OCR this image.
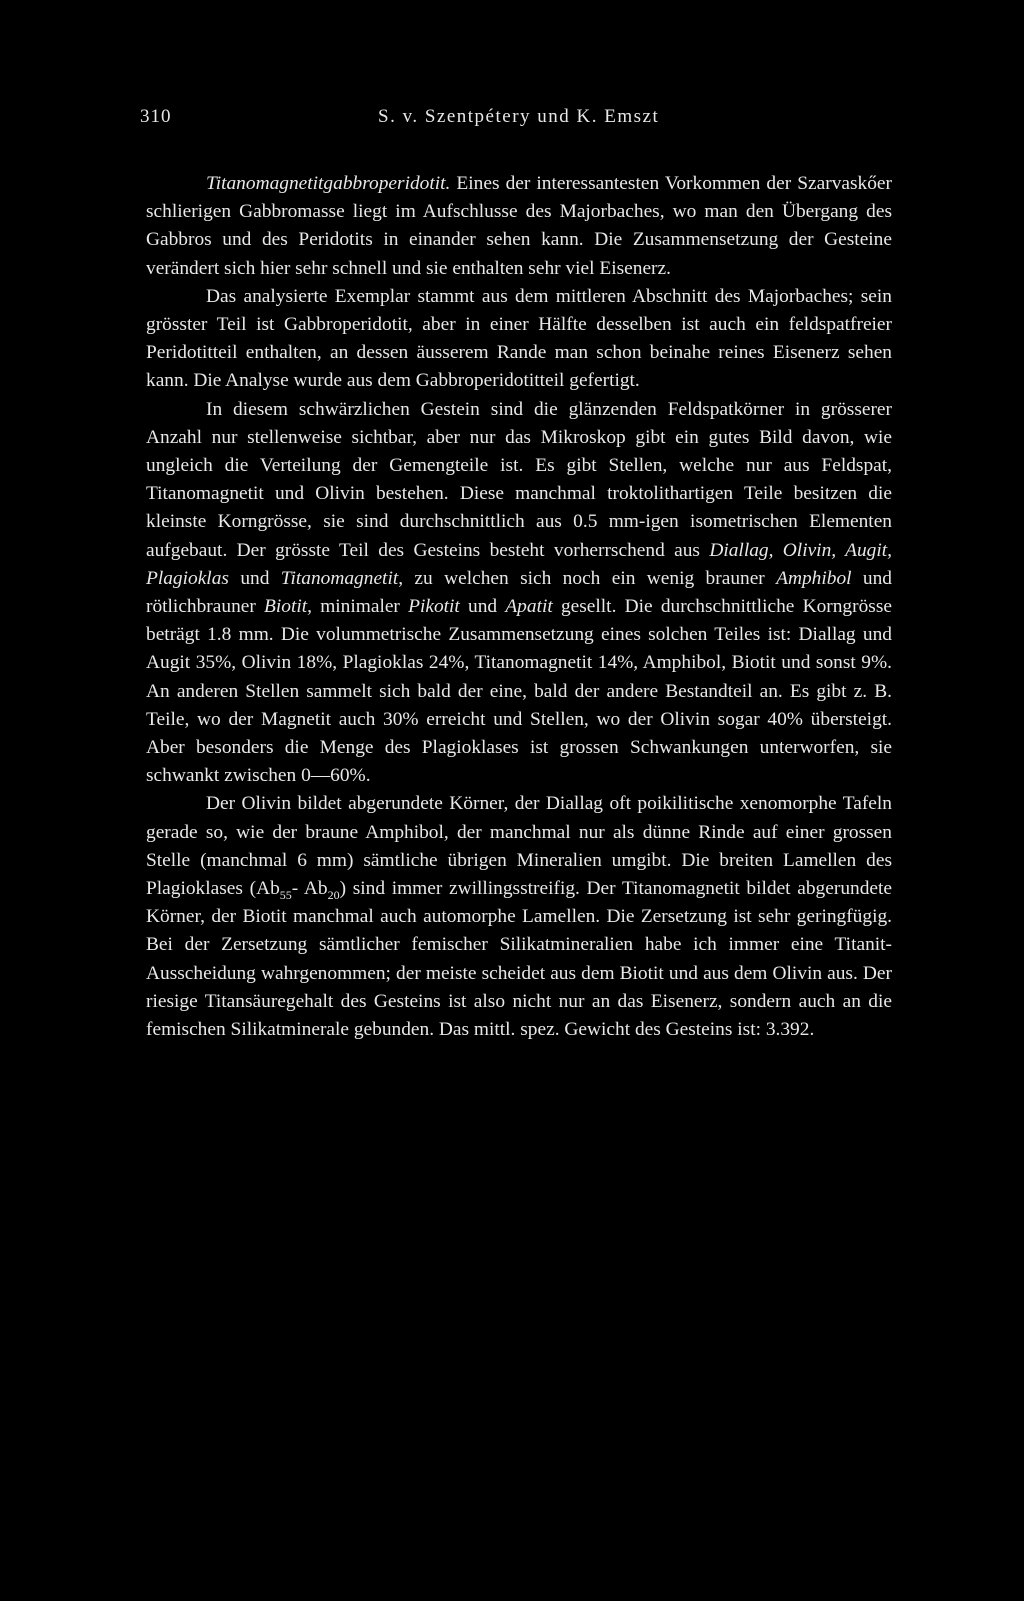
310	S. v. Szentpétery und K. Emszt

Titanomagnetitgabbroperidotit. Eines der interessantesten Vorkommen der Szarvaskőer schlierigen Gabbromasse liegt im Aufschlusse des Majorbaches, wo man den Übergang des Gabbros und des Peridotits in einander sehen kann. Die Zusammensetzung der Gesteine verändert sich hier sehr schnell und sie enthalten sehr viel Eisenerz.

Das analysierte Exemplar stammt aus dem mittleren Abschnitt des Majorbaches; sein grösster Teil ist Gabbroperidotit, aber in einer Hälfte desselben ist auch ein feldspatfreier Peridotitteil enthalten, an dessen äusserem Rande man schon beinahe reines Eisenerz sehen kann. Die Analyse wurde aus dem Gabbroperidotitteil gefertigt.

In diesem schwärzlichen Gestein sind die glänzenden Feldspatkörner in grösserer Anzahl nur stellenweise sichtbar, aber nur das Mikroskop gibt ein gutes Bild davon, wie ungleich die Verteilung der Gemengteile ist. Es gibt Stellen, welche nur aus Feldspat, Titanomagnetit und Olivin bestehen. Diese manchmal troktolithartigen Teile besitzen die kleinste Korngrösse, sie sind durchschnittlich aus 0.5 mm-igen isometrischen Elementen aufgebaut. Der grösste Teil des Gesteins besteht vorherrschend aus Diallag, Olivin, Augit, Plagioklas und Titanomagnetit, zu welchen sich noch ein wenig brauner Amphibol und rötlichbrauner Biotit, minimaler Pikotit und Apatit gesellt. Die durchschnittliche Korngrösse beträgt 1.8 mm. Die volummetrische Zusammensetzung eines solchen Teiles ist: Diallag und Augit 35%, Olivin 18%, Plagioklas 24%, Titanomagnetit 14%, Amphibol, Biotit und sonst 9%. An anderen Stellen sammelt sich bald der eine, bald der andere Bestandteil an. Es gibt z. B. Teile, wo der Magnetit auch 30% erreicht und Stellen, wo der Olivin sogar 40% übersteigt. Aber besonders die Menge des Plagioklases ist grossen Schwankungen unterworfen, sie schwankt zwischen 0—60%.

Der Olivin bildet abgerundete Körner, der Diallag oft poikilitische xenomorphe Tafeln gerade so, wie der braune Amphibol, der manchmal nur als dünne Rinde auf einer grossen Stelle (manchmal 6 mm) sämtliche übrigen Mineralien umgibt. Die breiten Lamellen des Plagioklases ($Ab_{55}-$ $Ab_{20}$) sind immer zwillingsstreifig. Der Titanomagnetit bildet abgerundete Körner, der Biotit manchmal auch automorphe Lamellen. Die Zersetzung ist sehr geringfügig. Bei der Zersetzung sämtlicher femischer Silikatmineralien habe ich immer eine Titanit-Ausscheidung wahrgenommen; der meiste scheidet aus dem Biotit und aus dem Olivin aus. Der riesige Titansäuregehalt des Gesteins ist also nicht nur an das Eisenerz, sondern auch an die femischen Silikatminerale gebunden. Das mittl. spez. Gewicht des Gesteins ist: 3.392.
